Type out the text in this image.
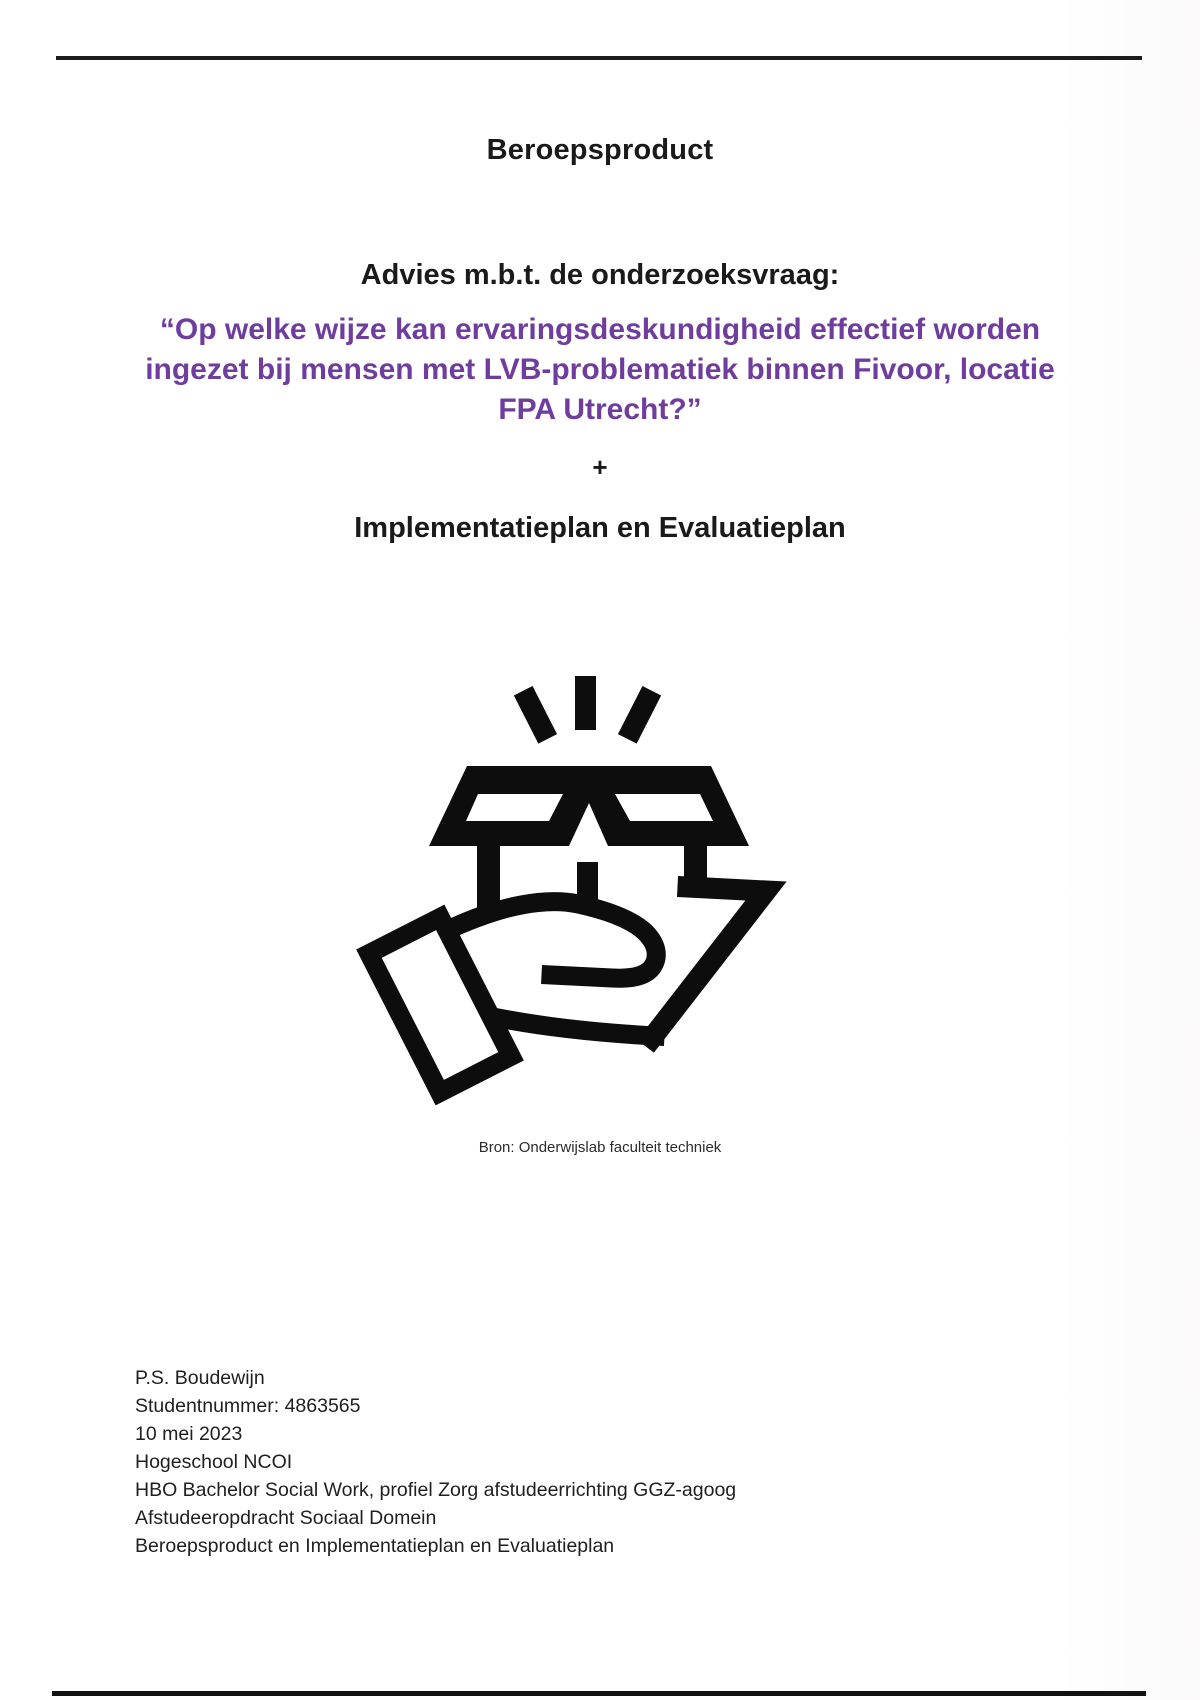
Beroepsproduct
Advies m.b.t. de onderzoeksvraag:
“Op welke wijze kan ervaringsdeskundigheid effectief worden ingezet bij mensen met LVB-problematiek binnen Fivoor, locatie FPA Utrecht?”
+
Implementatieplan en Evaluatieplan
Bron: Onderwijslab faculteit techniek
P.S. Boudewijn
Studentnummer: 4863565
10 mei 2023
Hogeschool NCOI
HBO Bachelor Social Work, profiel Zorg afstudeerrichting GGZ-agoog
Afstudeeropdracht Sociaal Domein
Beroepsproduct en Implementatieplan en Evaluatieplan
